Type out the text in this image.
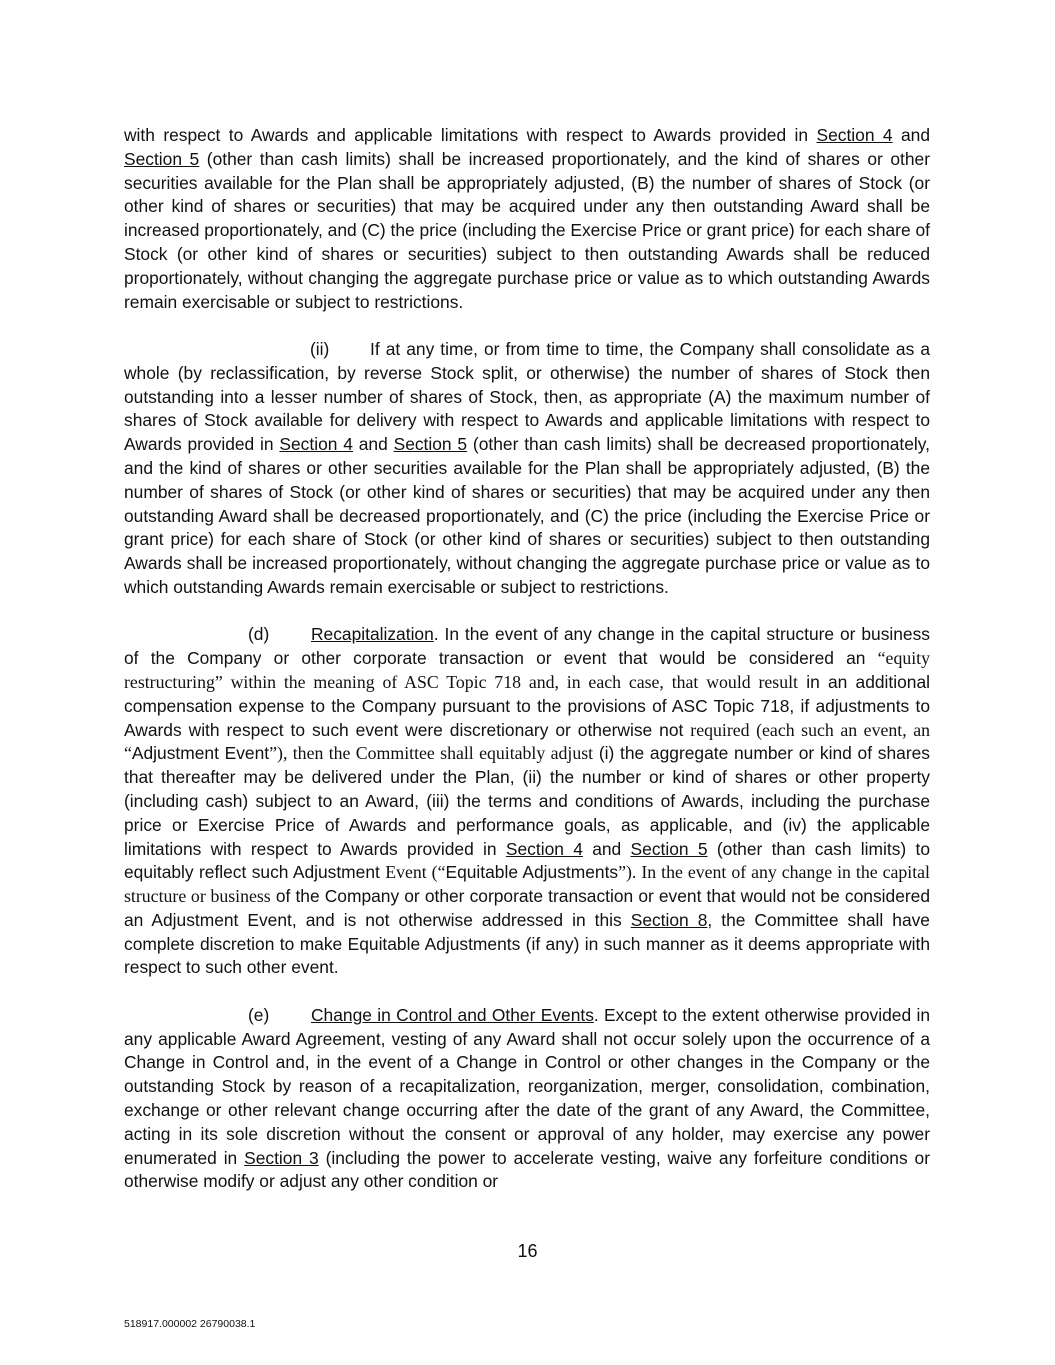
with respect to Awards and applicable limitations with respect to Awards provided in Section 4 and Section 5 (other than cash limits) shall be increased proportionately, and the kind of shares or other securities available for the Plan shall be appropriately adjusted, (B) the number of shares of Stock (or other kind of shares or securities) that may be acquired under any then outstanding Award shall be increased proportionately, and (C) the price (including the Exercise Price or grant price) for each share of Stock (or other kind of shares or securities) subject to then outstanding Awards shall be reduced proportionately, without changing the aggregate purchase price or value as to which outstanding Awards remain exercisable or subject to restrictions.

(ii) If at any time, or from time to time, the Company shall consolidate as a whole (by reclassification, by reverse Stock split, or otherwise) the number of shares of Stock then outstanding into a lesser number of shares of Stock, then, as appropriate (A) the maximum number of shares of Stock available for delivery with respect to Awards and applicable limitations with respect to Awards provided in Section 4 and Section 5 (other than cash limits) shall be decreased proportionately, and the kind of shares or other securities available for the Plan shall be appropriately adjusted, (B) the number of shares of Stock (or other kind of shares or securities) that may be acquired under any then outstanding Award shall be decreased proportionately, and (C) the price (including the Exercise Price or grant price) for each share of Stock (or other kind of shares or securities) subject to then outstanding Awards shall be increased proportionately, without changing the aggregate purchase price or value as to which outstanding Awards remain exercisable or subject to restrictions.

(d) Recapitalization. In the event of any change in the capital structure or business of the Company or other corporate transaction or event that would be considered an “equity restructuring” within the meaning of ASC Topic 718 and, in each case, that would result in an additional compensation expense to the Company pursuant to the provisions of ASC Topic 718, if adjustments to Awards with respect to such event were discretionary or otherwise not required (each such an event, an “Adjustment Event”), then the Committee shall equitably adjust (i) the aggregate number or kind of shares that thereafter may be delivered under the Plan, (ii) the number or kind of shares or other property (including cash) subject to an Award, (iii) the terms and conditions of Awards, including the purchase price or Exercise Price of Awards and performance goals, as applicable, and (iv) the applicable limitations with respect to Awards provided in Section 4 and Section 5 (other than cash limits) to equitably reflect such Adjustment Event (“Equitable Adjustments”). In the event of any change in the capital structure or business of the Company or other corporate transaction or event that would not be considered an Adjustment Event, and is not otherwise addressed in this Section 8, the Committee shall have complete discretion to make Equitable Adjustments (if any) in such manner as it deems appropriate with respect to such other event.

(e) Change in Control and Other Events. Except to the extent otherwise provided in any applicable Award Agreement, vesting of any Award shall not occur solely upon the occurrence of a Change in Control and, in the event of a Change in Control or other changes in the Company or the outstanding Stock by reason of a recapitalization, reorganization, merger, consolidation, combination, exchange or other relevant change occurring after the date of the grant of any Award, the Committee, acting in its sole discretion without the consent or approval of any holder, may exercise any power enumerated in Section 3 (including the power to accelerate vesting, waive any forfeiture conditions or otherwise modify or adjust any other condition or

16
518917.000002 26790038.1
